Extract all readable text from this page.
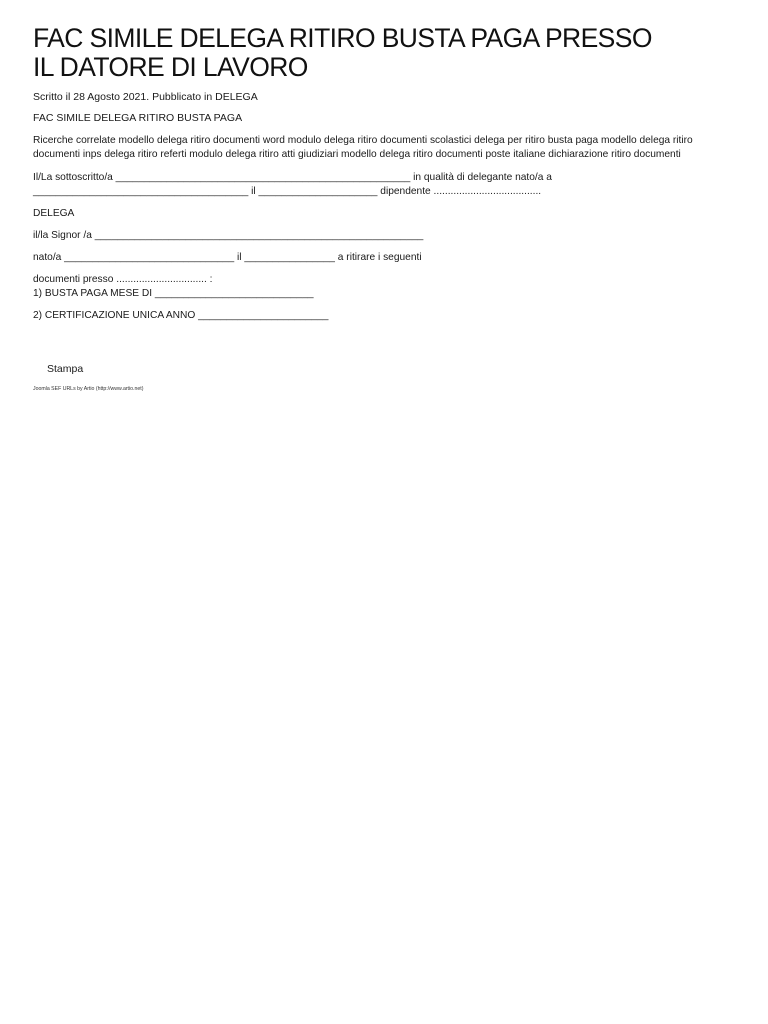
FAC SIMILE DELEGA RITIRO BUSTA PAGA PRESSO
IL DATORE DI LAVORO

Scritto il 28 Agosto 2021. Pubblicato in DELEGA

FAC SIMILE DELEGA RITIRO BUSTA PAGA

Ricerche correlate modello delega ritiro documenti word modulo delega ritiro documenti scolastici delega per ritiro busta paga modello delega ritiro documenti inps delega ritiro referti modulo delega ritiro atti giudiziari modello delega ritiro documenti poste italiane dichiarazione ritiro documenti

Il/La sottoscritto/a ____________________________________________________ in qualità di delegante nato/a a

______________________________________ il _____________________ dipendente ......................................

DELEGA

il/la Signor /a __________________________________________________________

nato/a ______________________________ il ________________ a ritirare i seguenti

documenti presso ................................ :

1) BUSTA PAGA MESE DI ____________________________

2) CERTIFICAZIONE UNICA ANNO _______________________

Stampa

Joomla SEF URLs by Artio (http://www.artio.net)
